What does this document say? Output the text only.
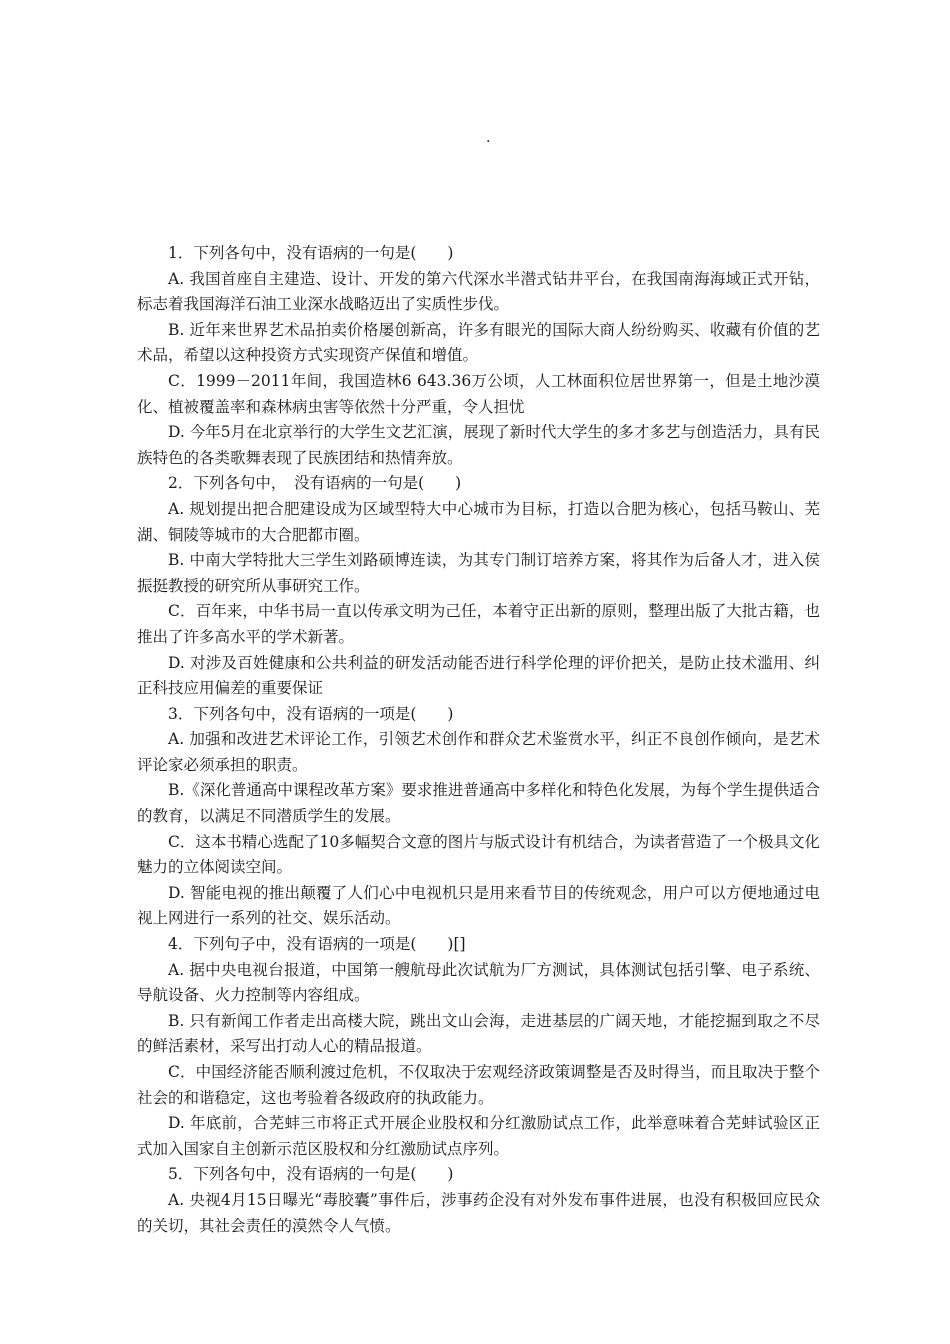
.

1．下列各句中，没有语病的一句是(　　)

A. 我国首座自主建造、设计、开发的第六代深水半潜式钻井平台，在我国南海海域正式开钻，标志着我国海洋石油工业深水战略迈出了实质性步伐。

B. 近年来世界艺术品拍卖价格屡创新高，许多有眼光的国际大商人纷纷购买、收藏有价值的艺术品，希望以这种投资方式实现资产保值和增值。

C．1999－2011年间，我国造林6 643.36万公顷，人工林面积位居世界第一，但是土地沙漠化、植被覆盖率和森林病虫害等依然十分严重，令人担忧

D. 今年5月在北京举行的大学生文艺汇演，展现了新时代大学生的多才多艺与创造活力，具有民族特色的各类歌舞表现了民族团结和热情奔放。

2．下列各句中，　没有语病的一句是(　　)

A. 规划提出把合肥建设成为区域型特大中心城市为目标，打造以合肥为核心，包括马鞍山、芜湖、铜陵等城市的大合肥都市圈。

B. 中南大学特批大三学生刘路硕博连读，为其专门制订培养方案，将其作为后备人才，进入侯振挺教授的研究所从事研究工作。

C．百年来，中华书局一直以传承文明为己任，本着守正出新的原则，整理出版了大批古籍，也推出了许多高水平的学术新著。

D. 对涉及百姓健康和公共利益的研发活动能否进行科学伦理的评价把关，是防止技术滥用、纠正科技应用偏差的重要保证

3．下列各句中，没有语病的一项是(　　)

A. 加强和改进艺术评论工作，引领艺术创作和群众艺术鉴赏水平，纠正不良创作倾向，是艺术评论家必须承担的职责。

B.《深化普通高中课程改革方案》要求推进普通高中多样化和特色化发展，为每个学生提供适合的教育，以满足不同潜质学生的发展。

C．这本书精心选配了10多幅契合文意的图片与版式设计有机结合，为读者营造了一个极具文化魅力的立体阅读空间。

D. 智能电视的推出颠覆了人们心中电视机只是用来看节目的传统观念，用户可以方便地通过电视上网进行一系列的社交、娱乐活动。

4．下列句子中，没有语病的一项是(　　)[]

A. 据中央电视台报道，中国第一艘航母此次试航为厂方测试，具体测试包括引擎、电子系统、导航设备、火力控制等内容组成。

B. 只有新闻工作者走出高楼大院，跳出文山会海，走进基层的广阔天地，才能挖掘到取之不尽的鲜活素材，采写出打动人心的精品报道。

C．中国经济能否顺利渡过危机，不仅取决于宏观经济政策调整是否及时得当，而且取决于整个社会的和谐稳定，这也考验着各级政府的执政能力。

D. 年底前，合芜蚌三市将正式开展企业股权和分红激励试点工作，此举意味着合芜蚌试验区正式加入国家自主创新示范区股权和分红激励试点序列。

5．下列各句中，没有语病的一句是(　　)

A. 央视4月15日曝光“毒胶囊”事件后，涉事药企没有对外发布事件进展，也没有积极回应民众的关切，其社会责任的漠然令人气愤。
